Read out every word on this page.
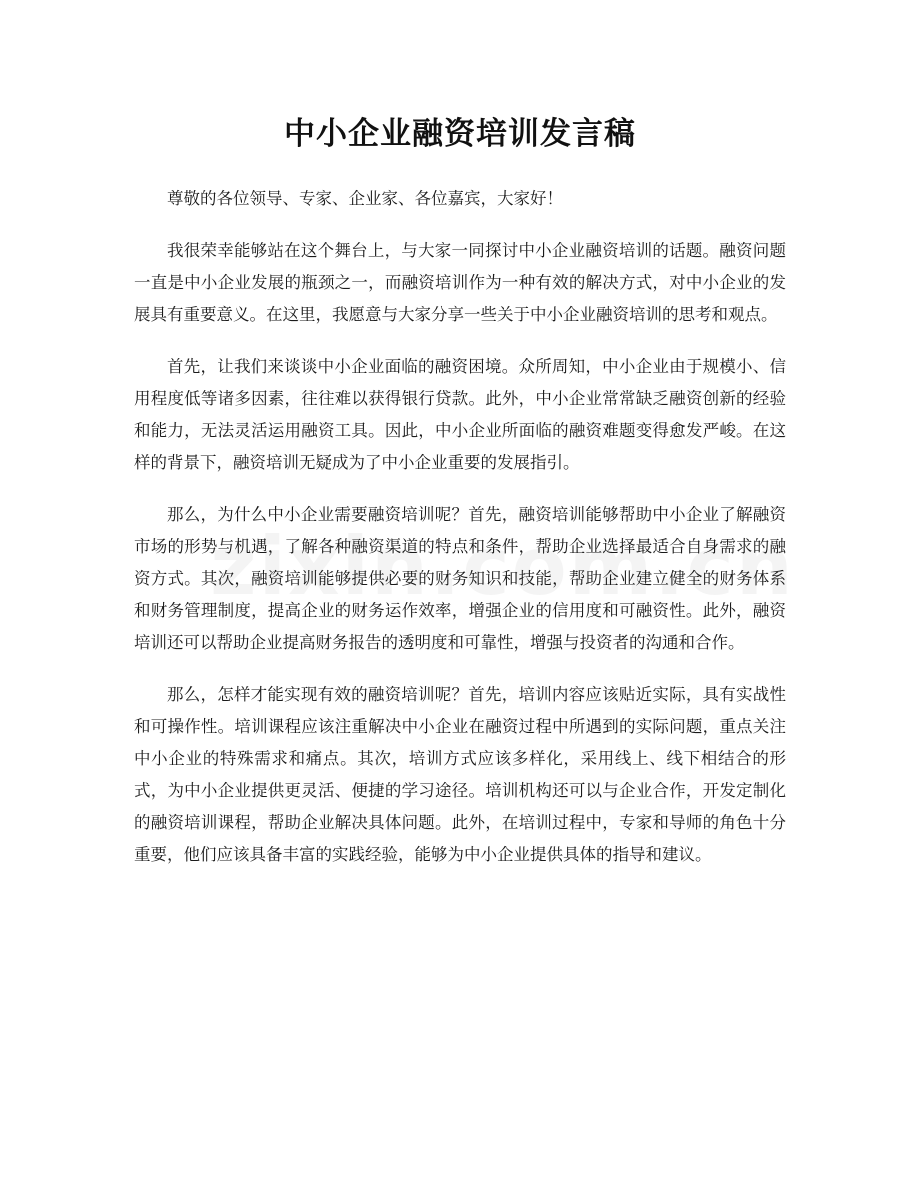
中小企业融资培训发言稿

尊敬的各位领导、专家、企业家、各位嘉宾，大家好！

我很荣幸能够站在这个舞台上，与大家一同探讨中小企业融资培训的话题。融资问题一直是中小企业发展的瓶颈之一，而融资培训作为一种有效的解决方式，对中小企业的发展具有重要意义。在这里，我愿意与大家分享一些关于中小企业融资培训的思考和观点。

首先，让我们来谈谈中小企业面临的融资困境。众所周知，中小企业由于规模小、信用程度低等诸多因素，往往难以获得银行贷款。此外，中小企业常常缺乏融资创新的经验和能力，无法灵活运用融资工具。因此，中小企业所面临的融资难题变得愈发严峻。在这样的背景下，融资培训无疑成为了中小企业重要的发展指引。

那么，为什么中小企业需要融资培训呢？首先，融资培训能够帮助中小企业了解融资市场的形势与机遇，了解各种融资渠道的特点和条件，帮助企业选择最适合自身需求的融资方式。其次，融资培训能够提供必要的财务知识和技能，帮助企业建立健全的财务体系和财务管理制度，提高企业的财务运作效率，增强企业的信用度和可融资性。此外，融资培训还可以帮助企业提高财务报告的透明度和可靠性，增强与投资者的沟通和合作。

那么，怎样才能实现有效的融资培训呢？首先，培训内容应该贴近实际，具有实战性和可操作性。培训课程应该注重解决中小企业在融资过程中所遇到的实际问题，重点关注中小企业的特殊需求和痛点。其次，培训方式应该多样化，采用线上、线下相结合的形式，为中小企业提供更灵活、便捷的学习途径。培训机构还可以与企业合作，开发定制化的融资培训课程，帮助企业解决具体问题。此外，在培训过程中，专家和导师的角色十分重要，他们应该具备丰富的实践经验，能够为中小企业提供具体的指导和建议。
